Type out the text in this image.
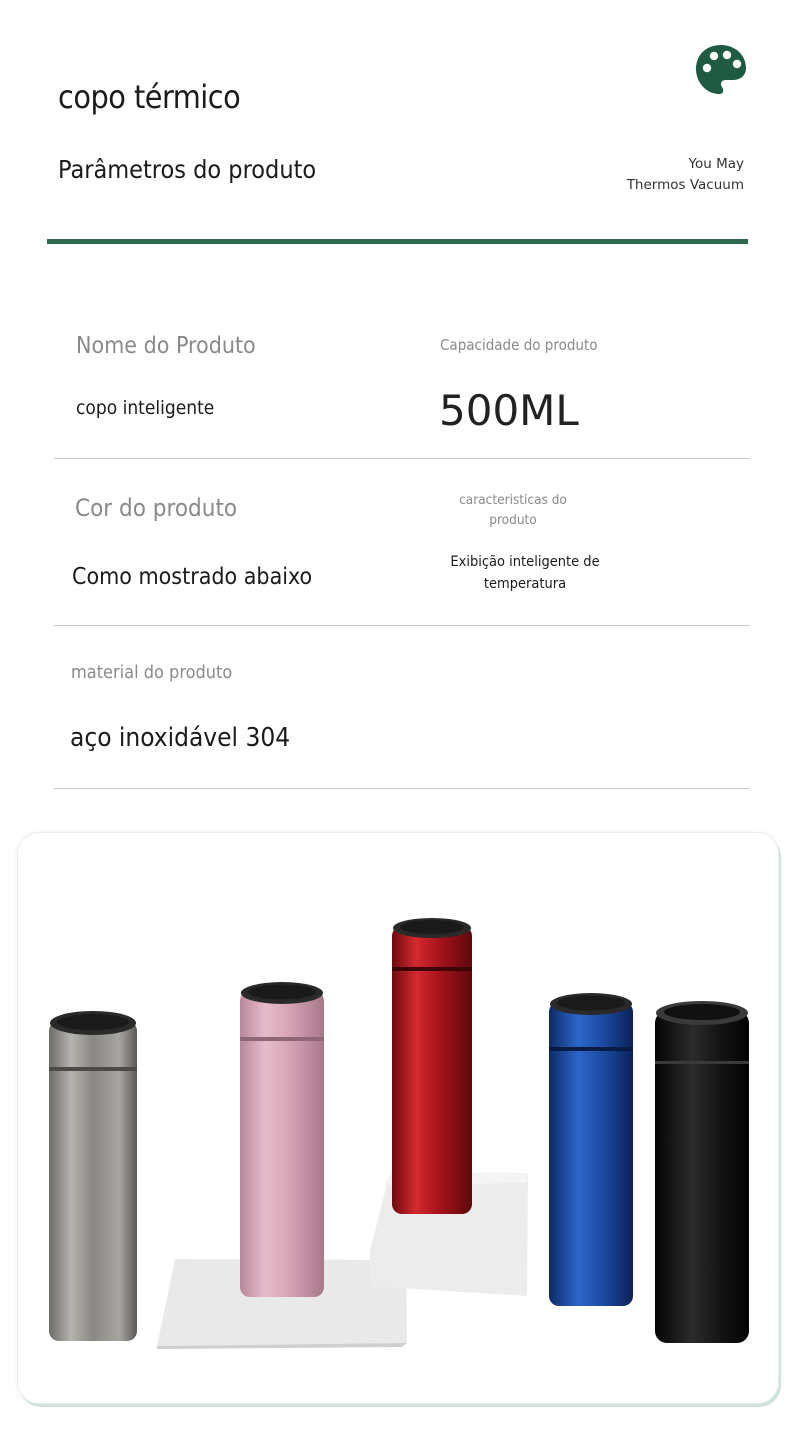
copo térmico
Parâmetros do produto	You May
Thermos Vacuum
Nome do Produto
copo inteligente
Capacidade do produto
500ML
Cor do produto
Como mostrado abaixo
caracteristicas do
produto
Exibição inteligente de
temperatura
material do produto
aço inoxidável 304
